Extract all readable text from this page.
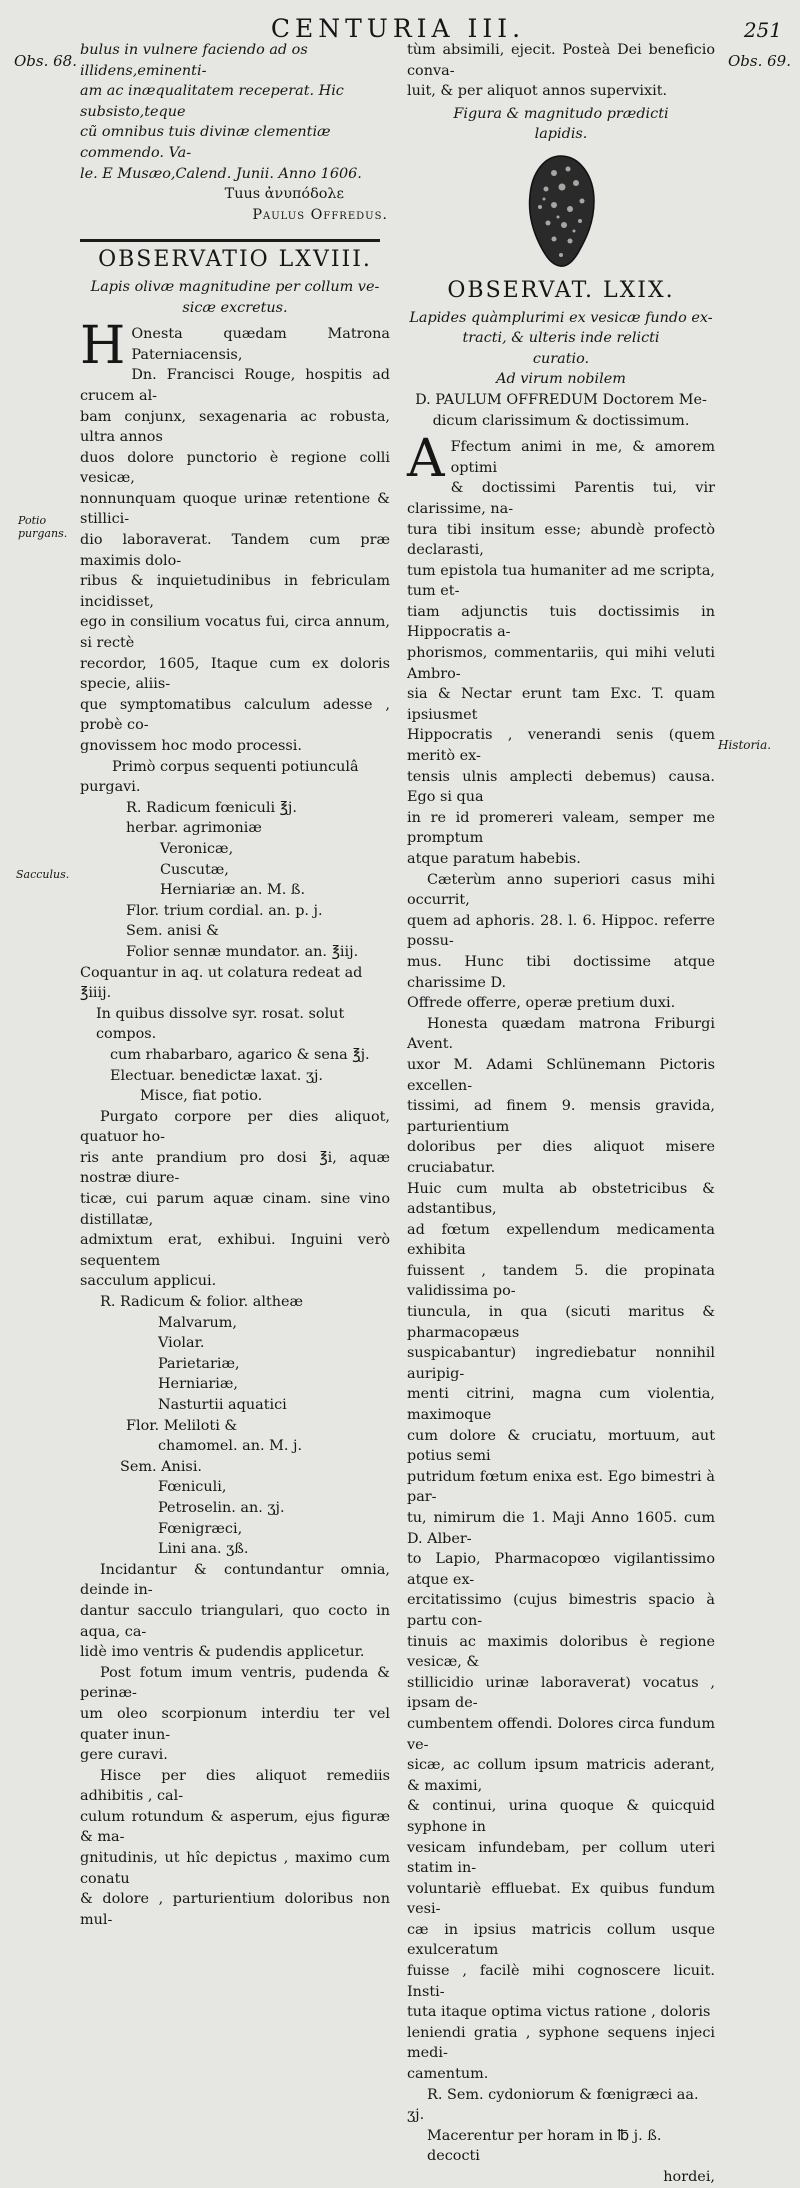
CENTURIA III.	251
Obs. 68.	Obs. 69.
Potio purgans.
Sacculus.
Historia.

bulus in vulnere faciendo ad os illidens,eminenti-

am ac inæqualitatem receperat. Hic subsisto,teque

cũ omnibus tuis divinæ clementiæ commendo. Va-

le. E Musæo,Calend. Junii. Anno 1606.

Tuus ἀνυπόδολε

Paulus Offredus.

OBSERVATIO LXVIII.

Lapis olivæ magnitudine per collum ve-

sicæ excretus.

H Onesta quædam Matrona Paterniacensis,

Dn. Francisci Rouge, hospitis ad crucem al-

bam conjunx, sexagenaria ac robusta, ultra annos

duos dolore punctorio è regione colli vesicæ,

nonnunquam quoque urinæ retentione & stillici-

dio laboraverat. Tandem cum præ maximis dolo-

ribus & inquietudinibus in febriculam incidisset,

ego in consilium vocatus fui, circa annum, si rectè

recordor, 1605, Itaque cum ex doloris specie, aliis-

que symptomatibus calculum adesse , probè co-

gnovissem hoc modo processi.

Primò corpus sequenti potiunculâ purgavi.

R. Radicum fœniculi ℥j.

herbar. agrimoniæ

Veronicæ,

Cuscutæ,

Herniariæ an. M. ß.

Flor. trium cordial. an. p. j.

Sem. anisi &

Folior sennæ mundator. an. ℥iij.

Coquantur in aq. ut colatura redeat ad ℥iiij.

In quibus dissolve syr. rosat. solut compos.

cum rhabarbaro, agarico & sena ℥j.

Electuar. benedictæ laxat. ʒj.

Misce, fiat potio.

Purgato corpore per dies aliquot, quatuor ho-

ris ante prandium pro dosi ℥i, aquæ nostræ diure-

ticæ, cui parum aquæ cinam. sine vino distillatæ,

admixtum erat, exhibui. Inguini verò sequentem

sacculum applicui.

R. Radicum & folior. altheæ

Malvarum,

Violar.

Parietariæ,

Herniariæ,

Nasturtii aquatici

Flor. Meliloti &

chamomel. an. M. j.

Sem. Anisi.

Fœniculi,

Petroselin. an. ʒj.

Fœnigræci,

Lini ana. ʒß.

Incidantur & contundantur omnia, deinde in-

dantur sacculo triangulari, quo cocto in aqua, ca-

lidè imo ventris & pudendis applicetur.

Post fotum imum ventris, pudenda & perinæ-

um oleo scorpionum interdiu ter vel quater inun-

gere curavi.

Hisce per dies aliquot remediis adhibitis , cal-

culum rotundum & asperum, ejus figuræ & ma-

gnitudinis, ut hîc depictus , maximo cum conatu

& dolore , parturientium doloribus non mul-

tùm absimili, ejecit. Posteà Dei beneficio conva-

luit, & per aliquot annos supervixit.

Figura & magnitudo prædicti

lapidis.

OBSERVAT. LXIX.

Lapides quàmplurimi ex vesicæ fundo ex-

tracti, & ulteris inde relicti

curatio.

Ad virum nobilem

D. PAULUM OFFREDUM Doctorem Me-

dicum clarissimum & doctissimum.

A Ffectum animi in me, & amorem optimi

& doctissimi Parentis tui, vir clarissime, na-

tura tibi insitum esse; abundè profectò declarasti,

tum epistola tua humaniter ad me scripta, tum et-

tiam adjunctis tuis doctissimis in Hippocratis a-

phorismos, commentariis, qui mihi veluti Ambro-

sia & Nectar erunt tam Exc. T. quam ipsiusmet

Hippocratis , venerandi senis (quem meritò ex-

tensis ulnis amplecti debemus) causa. Ego si qua

in re id promereri valeam, semper me promptum

atque paratum habebis.

Cæterùm anno superiori casus mihi occurrit,

quem ad aphoris. 28. l. 6. Hippoc. referre possu-

mus. Hunc tibi doctissime atque charissime D.

Offrede offerre, operæ pretium duxi.

Honesta quædam matrona Friburgi Avent.

uxor M. Adami Schlünemann Pictoris excellen-

tissimi, ad finem 9. mensis gravida, parturientium

doloribus per dies aliquot misere cruciabatur.

Huic cum multa ab obstetricibus & adstantibus,

ad fœtum expellendum medicamenta exhibita

fuissent , tandem 5. die propinata validissima po-

tiuncula, in qua (sicuti maritus & pharmacopæus

suspicabantur) ingrediebatur nonnihil auripig-

menti citrini, magna cum violentia, maximoque

cum dolore & cruciatu, mortuum, aut potius semi

putridum fœtum enixa est. Ego bimestri à par-

tu, nimirum die 1. Maji Anno 1605. cum D. Alber-

to Lapio, Pharmacopœo vigilantissimo atque ex-

ercitatissimo (cujus bimestris spacio à partu con-

tinuis ac maximis doloribus è regione vesicæ, &

stillicidio urinæ laboraverat) vocatus , ipsam de-

cumbentem offendi. Dolores circa fundum ve-

sicæ, ac collum ipsum matricis aderant, & maximi,

& continui, urina quoque & quicquid syphone in

vesicam infundebam, per collum uteri statim in-

voluntariè effluebat. Ex quibus fundum vesi-

cæ in ipsius matricis collum usque exulceratum

fuisse , facilè mihi cognoscere licuit. Insti-

tuta itaque optima victus ratione , doloris

leniendi gratia , syphone sequens injeci medi-

camentum.

R. Sem. cydoniorum & fœnigræci aa. ʒj.

Macerentur per horam in ℔ j. ß. decocti

hordei,
